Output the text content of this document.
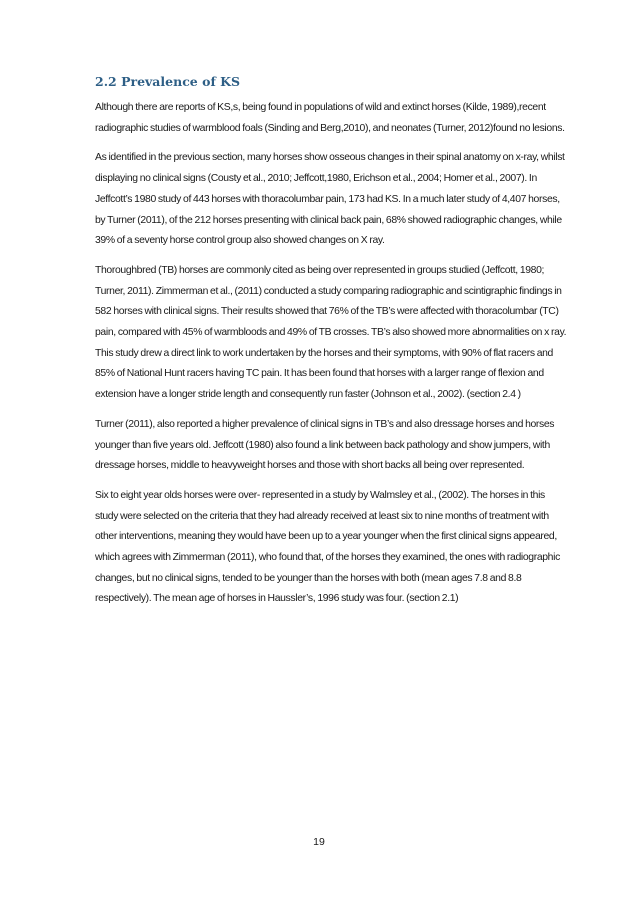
2.2 Prevalence of KS

Although there are reports of KS,s, being found in populations of wild and extinct horses (Kilde, 1989),recent radiographic studies of warmblood foals (Sinding and Berg,2010), and neonates (Turner, 2012)found no lesions.

As identified in the previous section, many horses show osseous changes in their spinal anatomy on x-ray, whilst displaying no clinical signs (Cousty et al., 2010; Jeffcott,1980, Erichson et al., 2004; Homer et al., 2007). In Jeffcott’s 1980 study of 443 horses with thoracolumbar pain, 173 had KS. In a much later study of 4,407 horses, by Turner (2011), of the 212 horses presenting with clinical back pain, 68% showed radiographic changes, while 39% of a seventy horse control group also showed changes on X ray.

Thoroughbred (TB) horses are commonly cited as being over represented in groups studied (Jeffcott, 1980; Turner, 2011). Zimmerman et al., (2011) conducted a study comparing radiographic and scintigraphic findings in 582 horses with clinical signs. Their results showed that 76% of the TB’s were affected with thoracolumbar (TC) pain, compared with 45% of warmbloods and 49% of TB crosses. TB’s also showed more abnormalities on x ray. This study drew a direct link to work undertaken by the horses and their symptoms, with 90% of flat racers and 85% of National Hunt racers having TC pain. It has been found that horses with a larger range of flexion and extension have a longer stride length and consequently run faster (Johnson et al., 2002). (section 2.4 )

Turner (2011), also reported a higher prevalence of clinical signs in TB’s and also dressage horses and horses younger than five years old. Jeffcott (1980) also found a link between back pathology and show jumpers, with dressage horses, middle to heavyweight horses and those with short backs all being over represented.

Six to eight year olds horses were over- represented in a study by Walmsley et al., (2002). The horses in this study were selected on the criteria that they had already received at least six to nine months of treatment with other interventions, meaning they would have been up to a year younger when the first clinical signs appeared, which agrees with Zimmerman (2011), who found that, of the horses they examined, the ones with radiographic changes, but no clinical signs, tended to be younger than the horses with both (mean ages 7.8 and 8.8 respectively). The mean age of horses in Haussler’s, 1996 study was four. (section 2.1)

19
